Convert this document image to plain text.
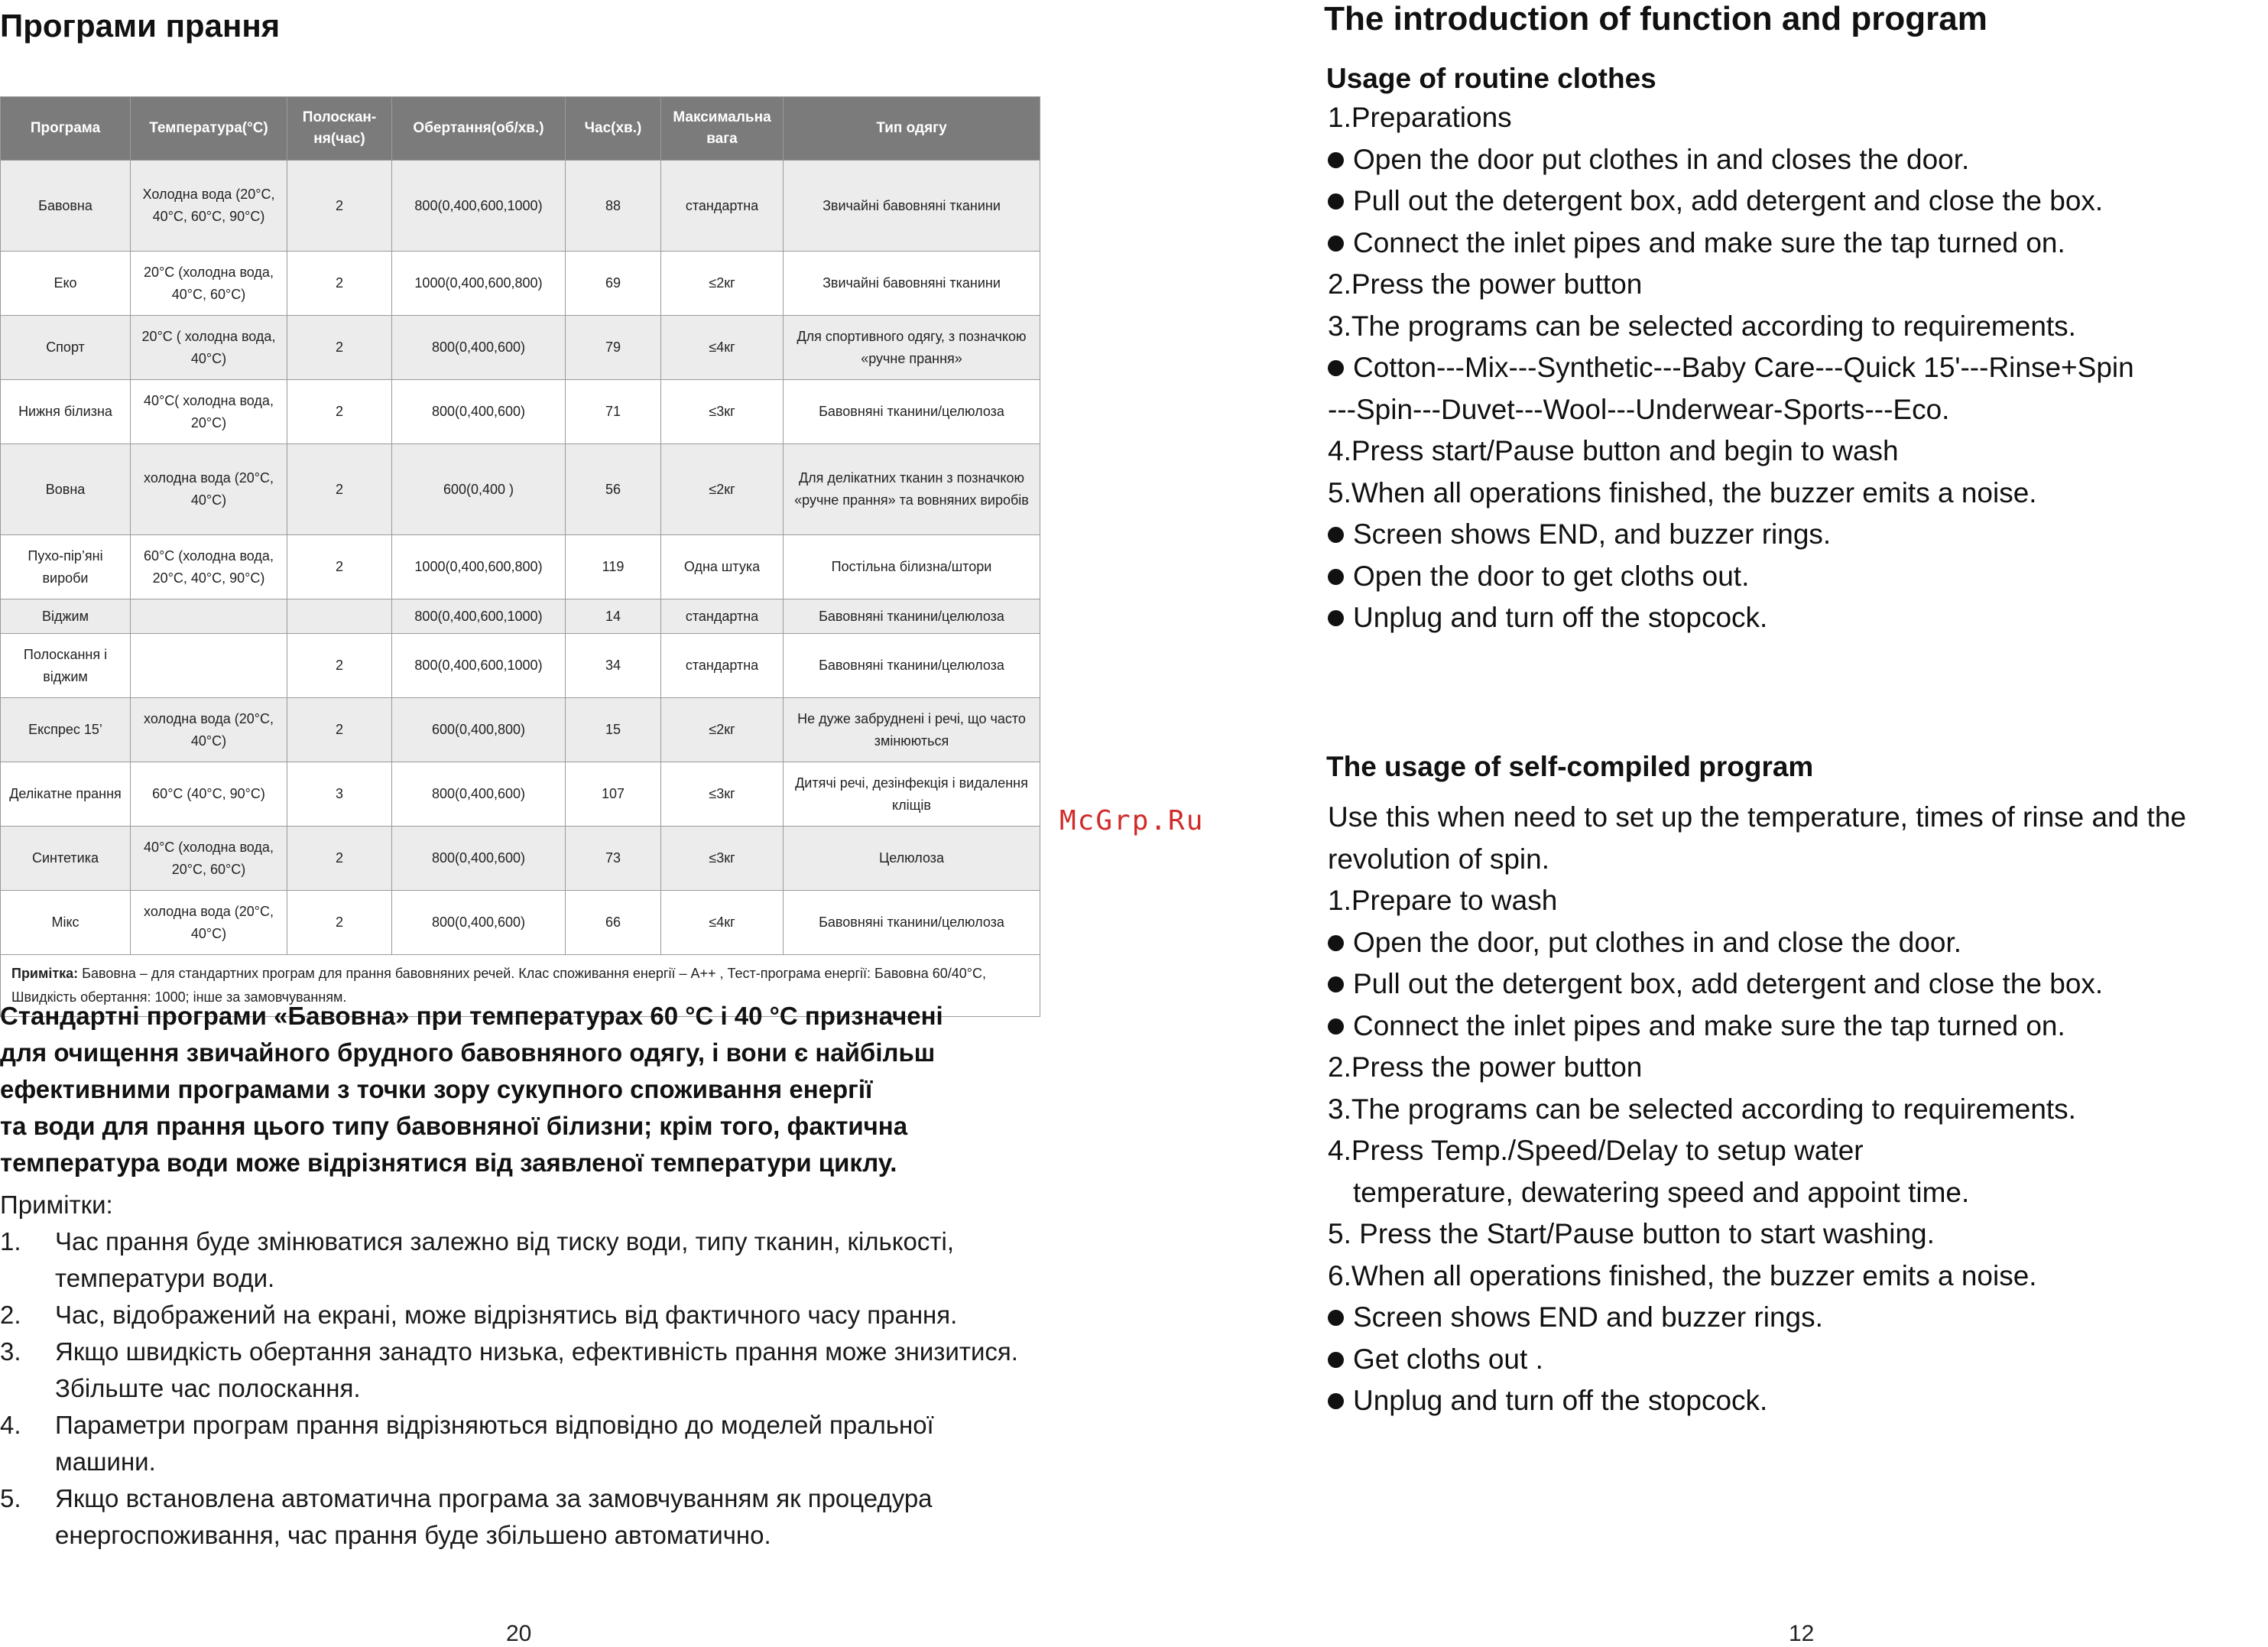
Програми прання
Програма	Температура(°C)	Полоскан-ня(час)	Обертання(об/хв.)	Час(хв.)	Максимальна вага	Тип одягу
Бавовна	Холодна вода (20°C, 40°C, 60°C, 90°C)	2	800(0,400,600,1000)	88	стандартна	Звичайні бавовняні тканини
Еко	20°C (холодна вода, 40°C, 60°C)	2	1000(0,400,600,800)	69	≤2кг	Звичайні бавовняні тканини
Спорт	20°C ( холодна вода, 40°C)	2	800(0,400,600)	79	≤4кг	Для спортивного одягу, з позначкою «ручне прання»
Нижня білизна	40°C( холодна вода, 20°C)	2	800(0,400,600)	71	≤3кг	Бавовняні тканини/целюлоза
Вовна	холодна вода (20°C, 40°C)	2	600(0,400 )	56	≤2кг	Для делікатних тканин з позначкою «ручне прання» та вовняних виробів
Пухо-пір’яні вироби	60°C (холодна вода, 20°C, 40°C, 90°C)	2	1000(0,400,600,800)	119	Одна штука	Постільна білизна/штори
Віджим			800(0,400,600,1000)	14	стандартна	Бавовняні тканини/целюлоза
Полоскання і віджим		2	800(0,400,600,1000)	34	стандартна	Бавовняні тканини/целюлоза
Експрес 15’	холодна вода (20°C, 40°C)	2	600(0,400,800)	15	≤2кг	Не дуже забруднені і речі, що часто змінюються
Делікатне прання	60°C (40°C, 90°C)	3	800(0,400,600)	107	≤3кг	Дитячі речі, дезінфекція і видалення кліщів
Синтетика	40°C (холодна вода, 20°C, 60°C)	2	800(0,400,600)	73	≤3кг	Целюлоза
Мікс	холодна вода (20°C, 40°C)	2	800(0,400,600)	66	≤4кг	Бавовняні тканини/целюлоза
Примітка: Бавовна – для стандартних програм для прання бавовняних речей. Клас споживання енергії – А++ , Тест-програма енергії: Бавовна 60/40°C, Швидкість обертання: 1000; інше за замовчуванням.						
Стандартні програми «Бавовна» при температурах 60 °C і 40 °C призначені
для очищення звичайного брудного бавовняного одягу, і вони є найбільш
ефективними програмами з точки зору сукупного споживання енергії
та води для прання цього типу бавовняної білизни; крім того, фактична
температура води може відрізнятися від заявленої температури циклу.
Примітки:
1. Час прання буде змінюватися залежно від тиску води, типу тканин, кількості, температури води.
2. Час, відображений на екрані, може відрізнятись від фактичного часу прання.
3. Якщо швидкість обертання занадто низька, ефективність прання може знизитися. Збільште час полоскання.
4. Параметри програм прання відрізняються відповідно до моделей пральної машини.
5. Якщо встановлена автоматична програма за замовчуванням як процедура енергоспоживання, час прання буде збільшено автоматично.
20
The introduction of function and program
Usage of routine clothes
1.Preparations
Open the door put clothes in and closes the door.
Pull out the detergent box, add detergent and close the box.
Connect the inlet pipes and make sure the tap turned on.
2.Press the power button
3.The programs can be selected according to requirements.
Cotton---Mix---Synthetic---Baby Care---Quick 15'---Rinse+Spin
---Spin---Duvet---Wool---Underwear-Sports---Eco.
4.Press start/Pause button and begin to wash
5.When all operations finished, the buzzer emits a noise.
Screen shows END, and buzzer rings.
Open the door to get cloths out.
Unplug and turn off the stopcock.
The usage of self-compiled program
Use this when need to set up the temperature, times of rinse and the
revolution of spin.
1.Prepare to wash
Open the door, put clothes in and close the door.
Pull out the detergent box, add detergent and close the box.
Connect the inlet pipes and make sure the tap turned on.
2.Press the power button
3.The programs can be selected according to requirements.
4.Press Temp./Speed/Delay to setup water
temperature, dewatering speed and appoint time.
5. Press the Start/Pause button to start washing.
6.When all operations finished, the buzzer emits a noise.
Screen shows END and buzzer rings.
Get cloths out .
Unplug and turn off the stopcock.
12
McGrp.Ru
